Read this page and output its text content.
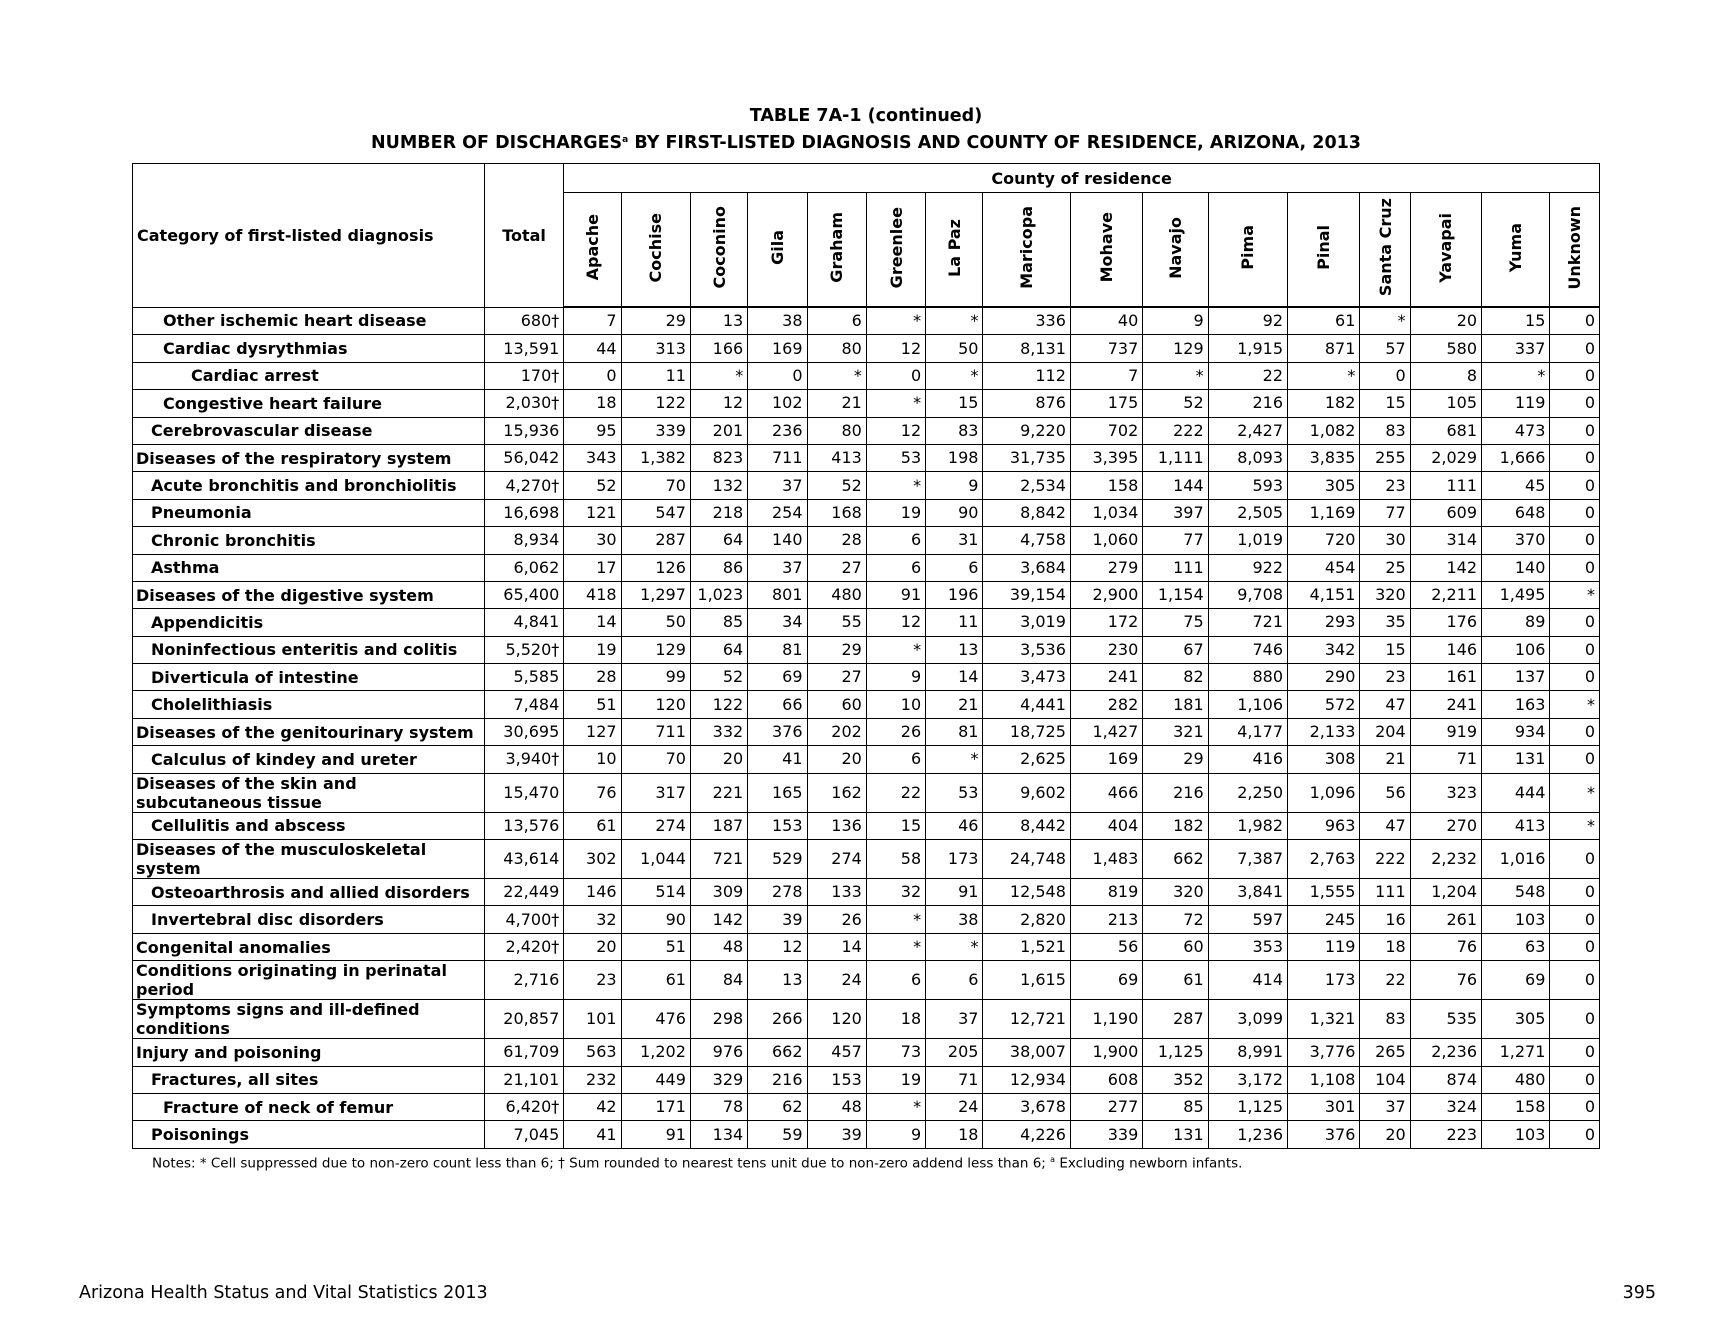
TABLE 7A-1 (continued)
NUMBER OF DISCHARGES$^a$ BY FIRST-LISTED DIAGNOSIS AND COUNTY OF RESIDENCE, ARIZONA, 2013
Category of first-listed diagnosis	Total	County of residence															
		Apache	Cochise	Coconino	Gila	Graham	Greenlee	La Paz	Maricopa	Mohave	Navajo	Pima	Pinal	Santa Cruz	Yavapai	Yuma	Unknown
Other ischemic heart disease	680†	7	29	13	38	6	*	*	336	40	9	92	61	*	20	15	0
Cardiac dysrythmias	13,591	44	313	166	169	80	12	50	8,131	737	129	1,915	871	57	580	337	0
Cardiac arrest	170†	0	11	*	0	*	0	*	112	7	*	22	*	0	8	*	0
Congestive heart failure	2,030†	18	122	12	102	21	*	15	876	175	52	216	182	15	105	119	0
Cerebrovascular disease	15,936	95	339	201	236	80	12	83	9,220	702	222	2,427	1,082	83	681	473	0
Diseases of the respiratory system	56,042	343	1,382	823	711	413	53	198	31,735	3,395	1,111	8,093	3,835	255	2,029	1,666	0
Acute bronchitis and bronchiolitis	4,270†	52	70	132	37	52	*	9	2,534	158	144	593	305	23	111	45	0
Pneumonia	16,698	121	547	218	254	168	19	90	8,842	1,034	397	2,505	1,169	77	609	648	0
Chronic bronchitis	8,934	30	287	64	140	28	6	31	4,758	1,060	77	1,019	720	30	314	370	0
Asthma	6,062	17	126	86	37	27	6	6	3,684	279	111	922	454	25	142	140	0
Diseases of the digestive system	65,400	418	1,297	1,023	801	480	91	196	39,154	2,900	1,154	9,708	4,151	320	2,211	1,495	*
Appendicitis	4,841	14	50	85	34	55	12	11	3,019	172	75	721	293	35	176	89	0
Noninfectious enteritis and colitis	5,520†	19	129	64	81	29	*	13	3,536	230	67	746	342	15	146	106	0
Diverticula of intestine	5,585	28	99	52	69	27	9	14	3,473	241	82	880	290	23	161	137	0
Cholelithiasis	7,484	51	120	122	66	60	10	21	4,441	282	181	1,106	572	47	241	163	*
Diseases of the genitourinary system	30,695	127	711	332	376	202	26	81	18,725	1,427	321	4,177	2,133	204	919	934	0
Calculus of kindey and ureter	3,940†	10	70	20	41	20	6	*	2,625	169	29	416	308	21	71	131	0
Diseases of the skin and subcutaneous tissue	15,470	76	317	221	165	162	22	53	9,602	466	216	2,250	1,096	56	323	444	*
Cellulitis and abscess	13,576	61	274	187	153	136	15	46	8,442	404	182	1,982	963	47	270	413	*
Diseases of the musculoskeletal system	43,614	302	1,044	721	529	274	58	173	24,748	1,483	662	7,387	2,763	222	2,232	1,016	0
Osteoarthrosis and allied disorders	22,449	146	514	309	278	133	32	91	12,548	819	320	3,841	1,555	111	1,204	548	0
Invertebral disc disorders	4,700†	32	90	142	39	26	*	38	2,820	213	72	597	245	16	261	103	0
Congenital anomalies	2,420†	20	51	48	12	14	*	*	1,521	56	60	353	119	18	76	63	0
Conditions originating in perinatal period	2,716	23	61	84	13	24	6	6	1,615	69	61	414	173	22	76	69	0
Symptoms signs and ill-defined conditions	20,857	101	476	298	266	120	18	37	12,721	1,190	287	3,099	1,321	83	535	305	0
Injury and poisoning	61,709	563	1,202	976	662	457	73	205	38,007	1,900	1,125	8,991	3,776	265	2,236	1,271	0
Fractures, all sites	21,101	232	449	329	216	153	19	71	12,934	608	352	3,172	1,108	104	874	480	0
Fracture of neck of femur	6,420†	42	171	78	62	48	*	24	3,678	277	85	1,125	301	37	324	158	0
Poisonings	7,045	41	91	134	59	39	9	18	4,226	339	131	1,236	376	20	223	103	0
Notes: * Cell suppressed due to non-zero count less than 6; † Sum rounded to nearest tens unit due to non-zero addend less than 6; $^a$ Excluding newborn infants.
Arizona Health Status and Vital Statistics 2013	395
